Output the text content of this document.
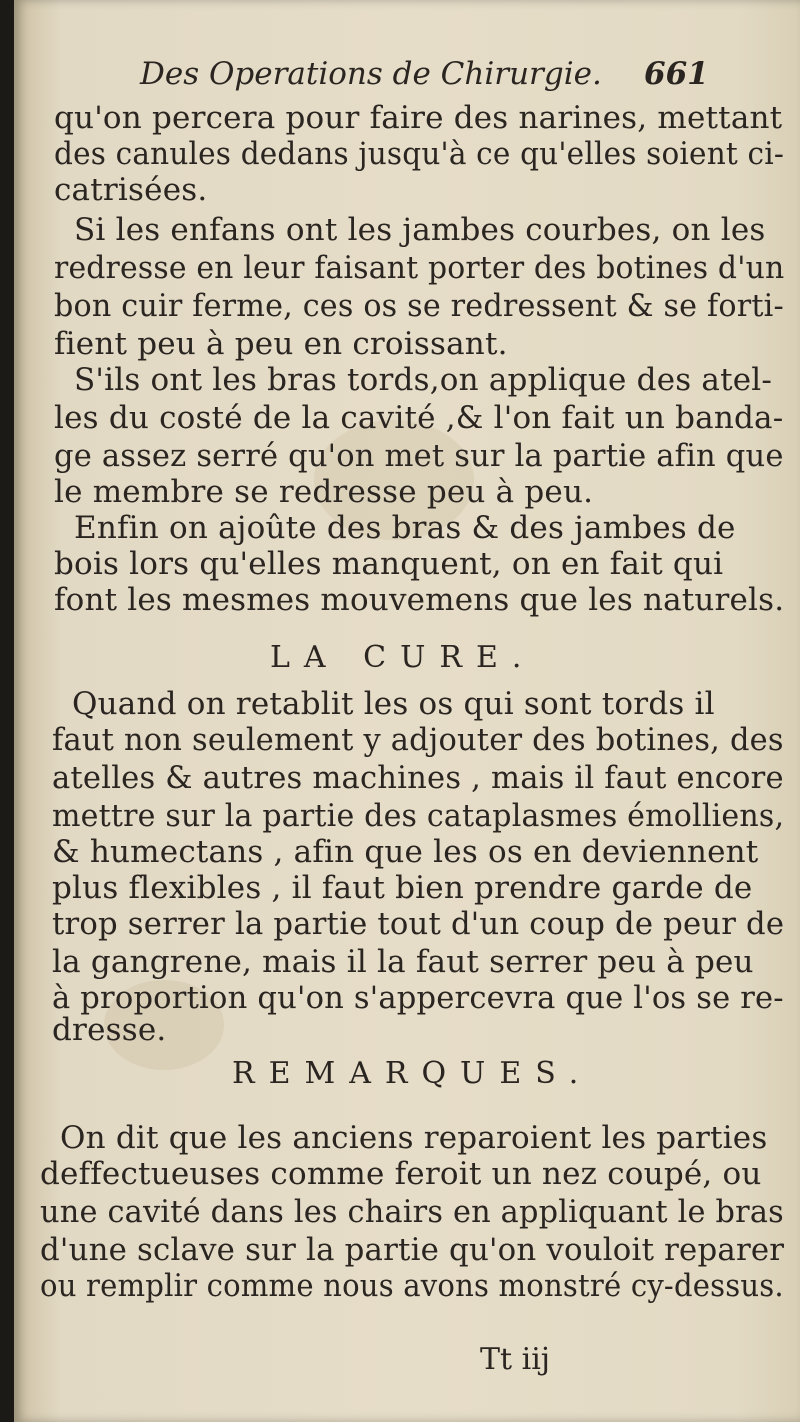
Des Operations de Chirurgie. 661
qu'on percera pour faire des narines, mettant
des canules dedans jusqu'à ce qu'elles soient ci-
catrisées.
Si les enfans ont les jambes courbes, on les
redresse en leur faisant porter des botines d'un
bon cuir ferme, ces os se redressent & se forti-
fient peu à peu en croissant.
S'ils ont les bras tords,on applique des atel-
les du costé de la cavité ,& l'on fait un banda-
ge assez serré qu'on met sur la partie afin que
le membre se redresse peu à peu.
Enfin on ajoûte des bras & des jambes de
bois lors qu'elles manquent, on en fait qui
font les mesmes mouvemens que les naturels.
LA CURE.
Quand on retablit les os qui sont tords il
faut non seulement y adjouter des botines, des
atelles & autres machines , mais il faut encore
mettre sur la partie des cataplasmes émolliens,
& humectans , afin que les os en deviennent
plus flexibles , il faut bien prendre garde de
trop serrer la partie tout d'un coup de peur de
la gangrene, mais il la faut serrer peu à peu
à proportion qu'on s'appercevra que l'os se re-
dresse.
REMARQUES.
On dit que les anciens reparoient les parties
deffectueuses comme feroit un nez coupé, ou
une cavité dans les chairs en appliquant le bras
d'une sclave sur la partie qu'on vouloit reparer
ou remplir comme nous avons monstré cy-dessus.
Tt iij
